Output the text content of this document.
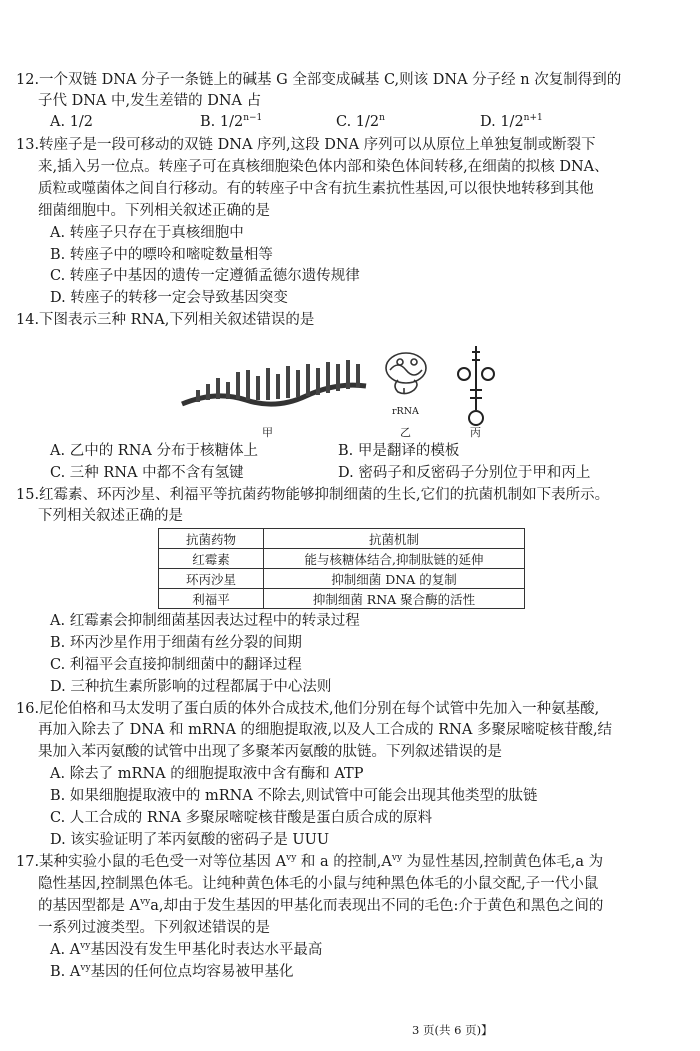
12.一个双链 DNA 分子一条链上的碱基 G 全部变成碱基 C,则该 DNA 分子经 n 次复制得到的
子代 DNA 中,发生差错的 DNA 占
A. 1/2	B. $1/2^{n-1}$	C. 1/2$^n$	D. $1/2^{n+1}$
13.转座子是一段可移动的双链 DNA 序列,这段 DNA 序列可以从原位上单独复制或断裂下
来,插入另一位点。转座子可在真核细胞染色体内部和染色体间转移,在细菌的拟核 DNA、
质粒或噬菌体之间自行移动。有的转座子中含有抗生素抗性基因,可以很快地转移到其他
细菌细胞中。下列相关叙述正确的是
A. 转座子只存在于真核细胞中
B. 转座子中的嘌呤和嘧啶数量相等
C. 转座子中基因的遗传一定遵循孟德尔遗传规律
D. 转座子的转移一定会导致基因突变
14.下图表示三种 RNA,下列相关叙述错误的是
甲
rRNA
乙	丙
A. 乙中的 RNA 分布于核糖体上	B. 甲是翻译的模板
C. 三种 RNA 中都不含有氢键	D. 密码子和反密码子分别位于甲和丙上
15.红霉素、环丙沙星、利福平等抗菌药物能够抑制细菌的生长,它们的抗菌机制如下表所示。
下列相关叙述正确的是
抗菌药物	抗菌机制
红霉素	能与核糖体结合,抑制肽链的延伸
环丙沙星	抑制细菌 DNA 的复制
利福平	抑制细菌 RNA 聚合酶的活性
A. 红霉素会抑制细菌基因表达过程中的转录过程
B. 环丙沙星作用于细菌有丝分裂的间期
C. 利福平会直接抑制细菌中的翻译过程
D. 三种抗生素所影响的过程都属于中心法则
16.尼伦伯格和马太发明了蛋白质的体外合成技术,他们分别在每个试管中先加入一种氨基酸,
再加入除去了 DNA 和 mRNA 的细胞提取液,以及人工合成的 RNA 多聚尿嘧啶核苷酸,结
果加入苯丙氨酸的试管中出现了多聚苯丙氨酸的肽链。下列叙述错误的是
A. 除去了 mRNA 的细胞提取液中含有酶和 ATP
B. 如果细胞提取液中的 mRNA 不除去,则试管中可能会出现其他类型的肽链
C. 人工合成的 RNA 多聚尿嘧啶核苷酸是蛋白质合成的原料
D. 该实验证明了苯丙氨酸的密码子是 UUU
17.某种实验小鼠的毛色受一对等位基因 $A^{vy}$ 和 a 的控制$,A^{vy}$ 为显性基因,控制黄色体毛,a 为
隐性基因,控制黑色体毛。让纯种黄色体毛的小鼠与纯种黑色体毛的小鼠交配,子一代小鼠
的基因型都是 $A^{vy}a$,却由于发生基因的甲基化而表现出不同的毛色:介于黄色和黑色之间的
一系列过渡类型。下列叙述错误的是
A. $A^{vy}$基因没有发生甲基化时表达水平最高
B. $A^{vy}$基因的任何位点均容易被甲基化
3 页(共 6 页)】
